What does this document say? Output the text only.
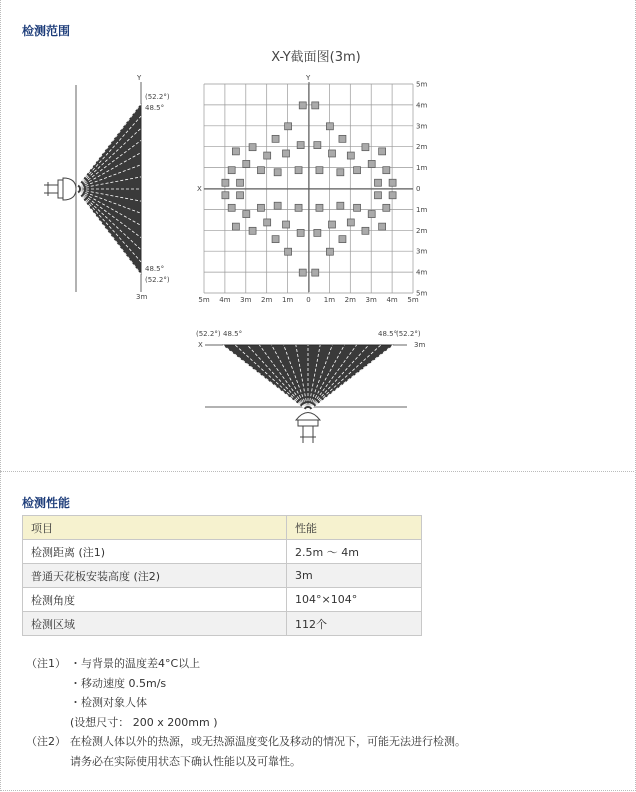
检测范围
Y
(52.2°)
48.5°
48.5°
(52.2°)
3m
X-Y截面图(3m)
X
Y
5m
4m
3m
2m
1m
0
1m
2m
3m
4m
5m
5m 4m 3m 2m 1m 0 1m 2m 3m 4m 5m
X
(52.2°) 48.5°	48.5°
(52.2°)
3m
检测性能
项目	性能
检测距离 (注1)	2.5m ～ 4m
普通天花板安装高度 (注2)	3m
检测角度	104°×104°
检测区域	112个
（注1） ・与背景的温度差4°C以上
・移动速度 0.5m/s
・检测对象人体
(设想尺寸： 200 x 200mm )
（注2） 在检测人体以外的热源，或无热源温度变化及移动的情况下，可能无法进行检测。
请务必在实际使用状态下确认性能以及可靠性。
